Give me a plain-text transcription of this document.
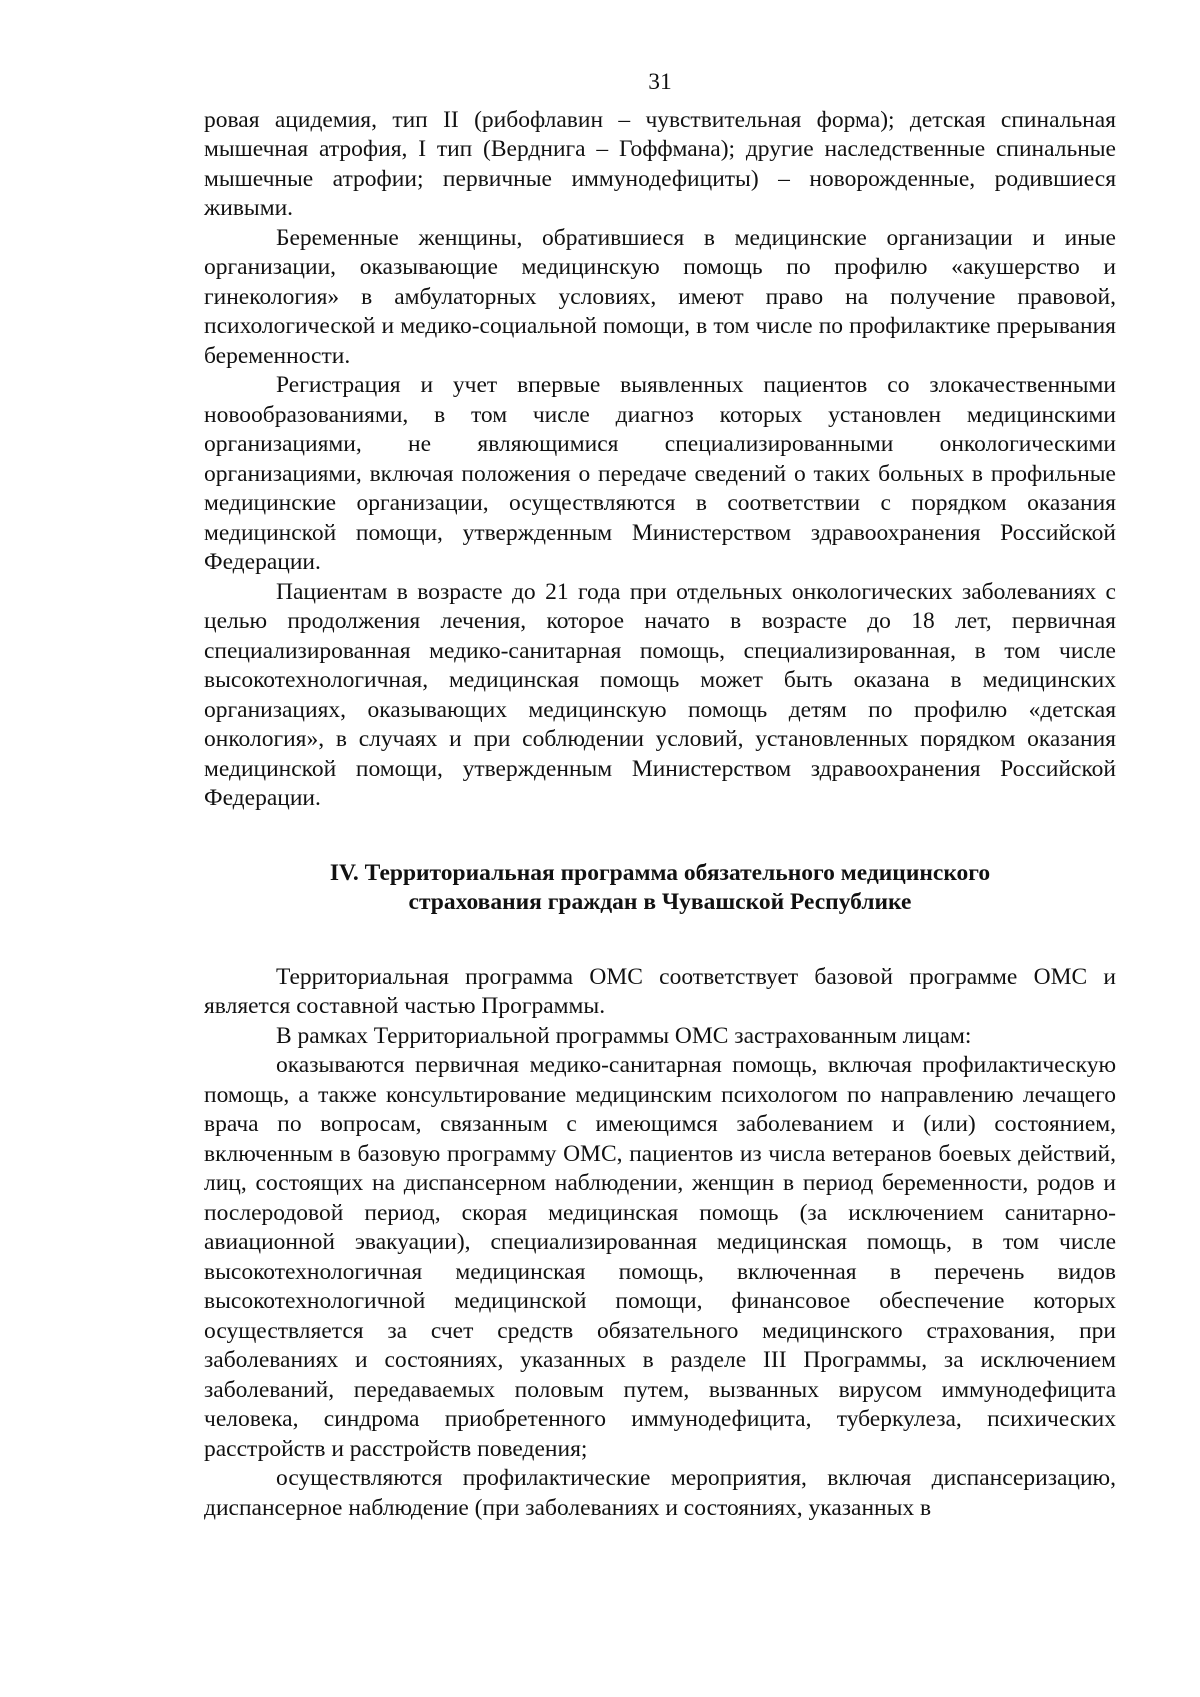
31

ровая ацидемия, тип II (рибофлавин – чувствительная форма); детская спинальная мышечная атрофия, I тип (Верднига – Гоффмана); другие наследственные спинальные мышечные атрофии; первичные иммунодефициты) – новорожденные, родившиеся живыми.

Беременные женщины, обратившиеся в медицинские организации и иные организации, оказывающие медицинскую помощь по профилю «акушерство и гинекология» в амбулаторных условиях, имеют право на получение правовой, психологической и медико-социальной помощи, в том числе по профилактике прерывания беременности.

Регистрация и учет впервые выявленных пациентов со злокачественными новообразованиями, в том числе диагноз которых установлен медицинскими организациями, не являющимися специализированными онкологическими организациями, включая положения о передаче сведений о таких больных в профильные медицинские организации, осуществляются в соответствии с порядком оказания медицинской помощи, утвержденным Министерством здравоохранения Российской Федерации.

Пациентам в возрасте до 21 года при отдельных онкологических заболеваниях с целью продолжения лечения, которое начато в возрасте до 18 лет, первичная специализированная медико-санитарная помощь, специализированная, в том числе высокотехнологичная, медицинская помощь может быть оказана в медицинских организациях, оказывающих медицинскую помощь детям по профилю «детская онкология», в случаях и при соблюдении условий, установленных порядком оказания медицинской помощи, утвержденным Министерством здравоохранения Российской Федерации.

IV. Территориальная программа обязательного медицинского
страхования граждан в Чувашской Республике

Территориальная программа ОМС соответствует базовой программе ОМС и является составной частью Программы.

В рамках Территориальной программы ОМС застрахованным лицам:

оказываются первичная медико-санитарная помощь, включая профилактическую помощь, а также консультирование медицинским психологом по направлению лечащего врача по вопросам, связанным с имеющимся заболеванием и (или) состоянием, включенным в базовую программу ОМС, пациентов из числа ветеранов боевых действий, лиц, состоящих на диспансерном наблюдении, женщин в период беременности, родов и послеродовой период, скорая медицинская помощь (за исключением санитарно-авиационной эвакуации), специализированная медицинская помощь, в том числе высокотехнологичная медицинская помощь, включенная в перечень видов высокотехнологичной медицинской помощи, финансовое обеспечение которых осуществляется за счет средств обязательного медицинского страхования, при заболеваниях и состояниях, указанных в разделе III Программы, за исключением заболеваний, передаваемых половым путем, вызванных вирусом иммунодефицита человека, синдрома приобретенного иммунодефицита, туберкулеза, психических расстройств и расстройств поведения;

осуществляются профилактические мероприятия, включая диспансеризацию, диспансерное наблюдение (при заболеваниях и состояниях, указанных в
